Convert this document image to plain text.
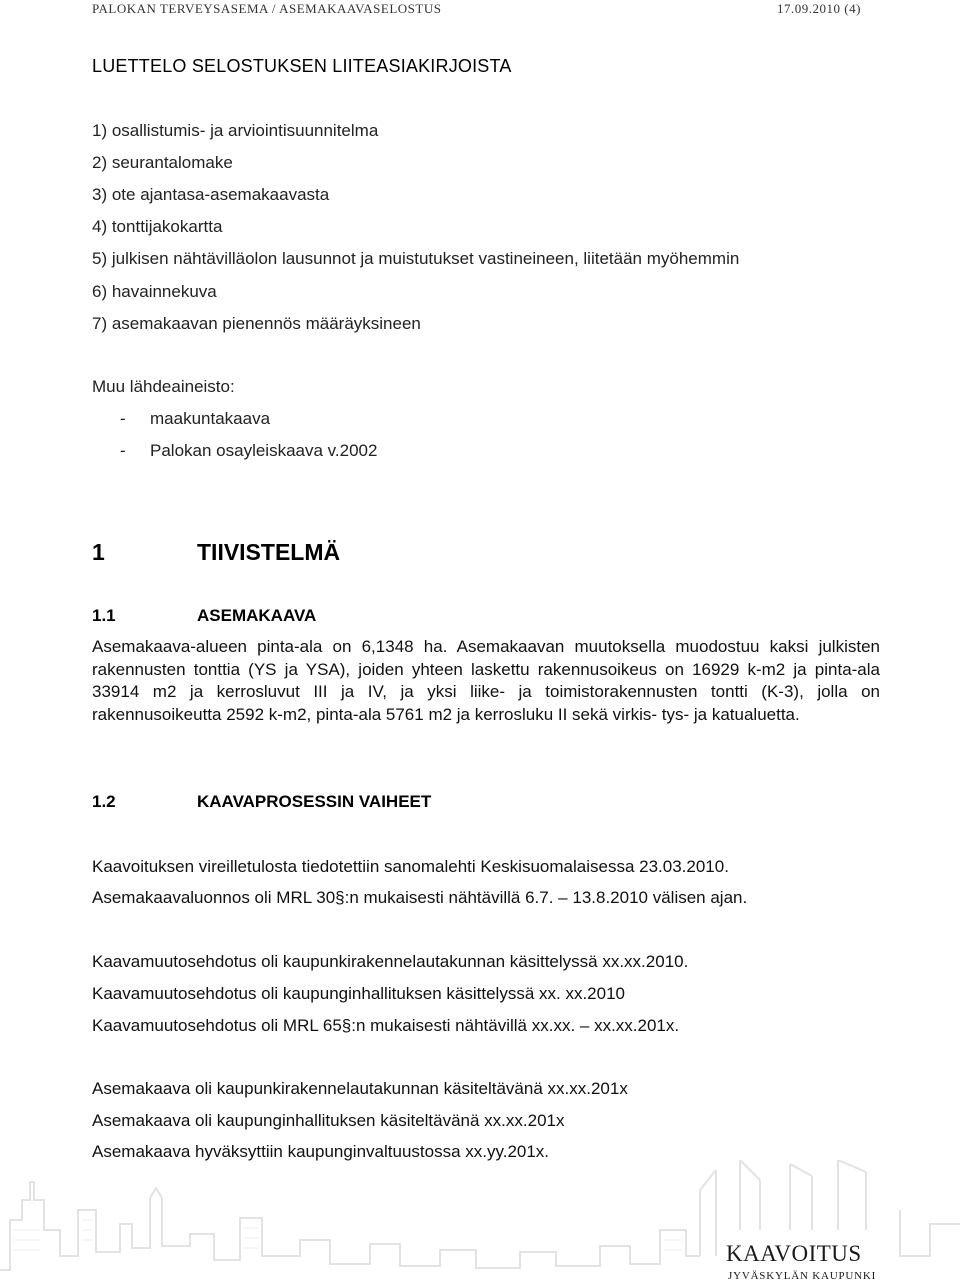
PALOKAN TERVEYSASEMA / ASEMAKAAVASELOSTUS	17.09.2010 (4)
LUETTELO SELOSTUKSEN LIITEASIAKIRJOISTA
1) osallistumis- ja arviointisuunnitelma
2) seurantalomake
3) ote ajantasa-asemakaavasta
4) tonttijakokartta
5) julkisen nähtävilläolon lausunnot ja muistutukset vastineineen, liitetään myöhemmin
6) havainnekuva
7) asemakaavan pienennös määräyksineen
Muu lähdeaineisto:
- maakuntakaava
- Palokan osayleiskaava v.2002
1	TIIVISTELMÄ
1.1	ASEMAKAAVA
Asemakaava-alueen pinta-ala on 6,1348 ha. Asemakaavan muutoksella muodostuu kaksi julkisten rakennusten tonttia (YS ja YSA), joiden yhteen laskettu rakennusoikeus on 16929 k-m2 ja pinta-ala 33914 m2 ja kerrosluvut III ja IV, ja yksi liike- ja toimistorakennusten tontti (K-3), jolla on rakennusoikeutta 2592 k-m2, pinta-ala 5761 m2 ja kerrosluku II sekä virkis- tys- ja katualuetta.
1.2	KAAVAPROSESSIN VAIHEET
Kaavoituksen vireilletulosta tiedotettiin sanomalehti Keskisuomalaisessa 23.03.2010.
Asemakaavaluonnos oli MRL 30§:n mukaisesti nähtävillä 6.7. – 13.8.2010 välisen ajan.
Kaavamuutosehdotus oli kaupunkirakennelautakunnan käsittelyssä xx.xx.2010.
Kaavamuutosehdotus oli kaupunginhallituksen käsittelyssä xx. xx.2010
Kaavamuutosehdotus oli MRL 65§:n mukaisesti nähtävillä xx.xx. – xx.xx.201x.
Asemakaava oli kaupunkirakennelautakunnan käsiteltävänä xx.xx.201x
Asemakaava oli kaupunginhallituksen käsiteltävänä xx.xx.201x
Asemakaava hyväksyttiin kaupunginvaltuustossa xx.yy.201x.
KAAVOITUS
JYVÄSKYLÄN KAUPUNKI
